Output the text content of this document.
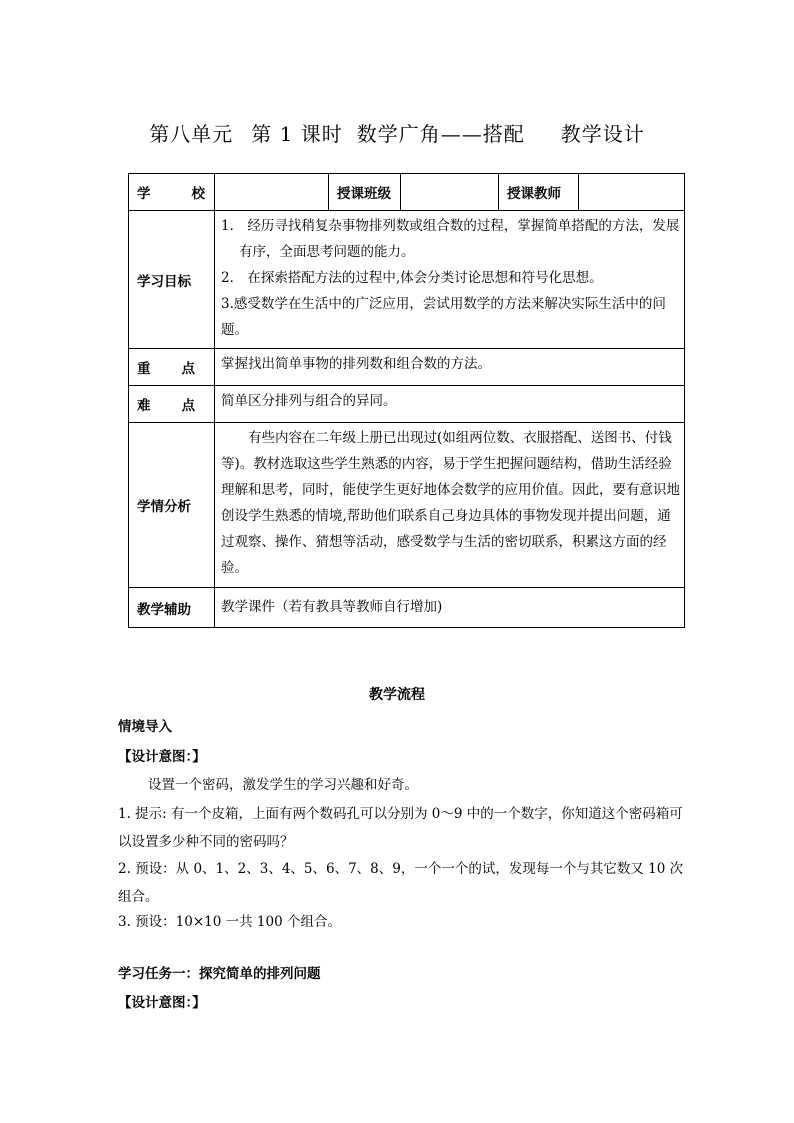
第八单元 第 1 课时 数学广角——搭配 教学设计
学 校		授课班级		授课教师	
学习目标	1． 经历寻找稍复杂事物排列数或组合数的过程，掌握简单搭配的方法，发展有序，全面思考问题的能力。

2． 在探索搭配方法的过程中,体会分类讨论思想和符号化思想。

3.感受数学在生活中的广泛应用，尝试用数学的方法来解决实际生活中的问题。				

重 点	掌握找出简单事物的排列数和组合数的方法。				

难 点	简单区分排列与组合的异同。				

学情分析	有些内容在二年级上册已出现过(如组两位数、衣服搭配、送图书、付钱等)。教材选取这些学生熟悉的内容，易于学生把握问题结构，借助生活经验理解和思考，同时，能使学生更好地体会数学的应用价值。因此，要有意识地创设学生熟悉的情境,帮助他们联系自己身边具体的事物发现并提出问题，通过观察、操作、猜想等活动，感受数学与生活的密切联系，积累这方面的经验。				

教学辅助	教学课件（若有教具等教师自行增加)				
教学流程
情境导入
【设计意图：】
设置一个密码，激发学生的学习兴趣和好奇。
1. 提示: 有一个皮箱，上面有两个数码孔可以分别为 0～9 中的一个数字，你知道这个密码箱可以设置多少种不同的密码吗？
2. 预设：从 0、1、2、3、4、5、6、7、8、9，一个一个的试，发现每一个与其它数又 10 次组合。
3. 预设：10×10 一共 100 个组合。
学习任务一：探究简单的排列问题
【设计意图：】
